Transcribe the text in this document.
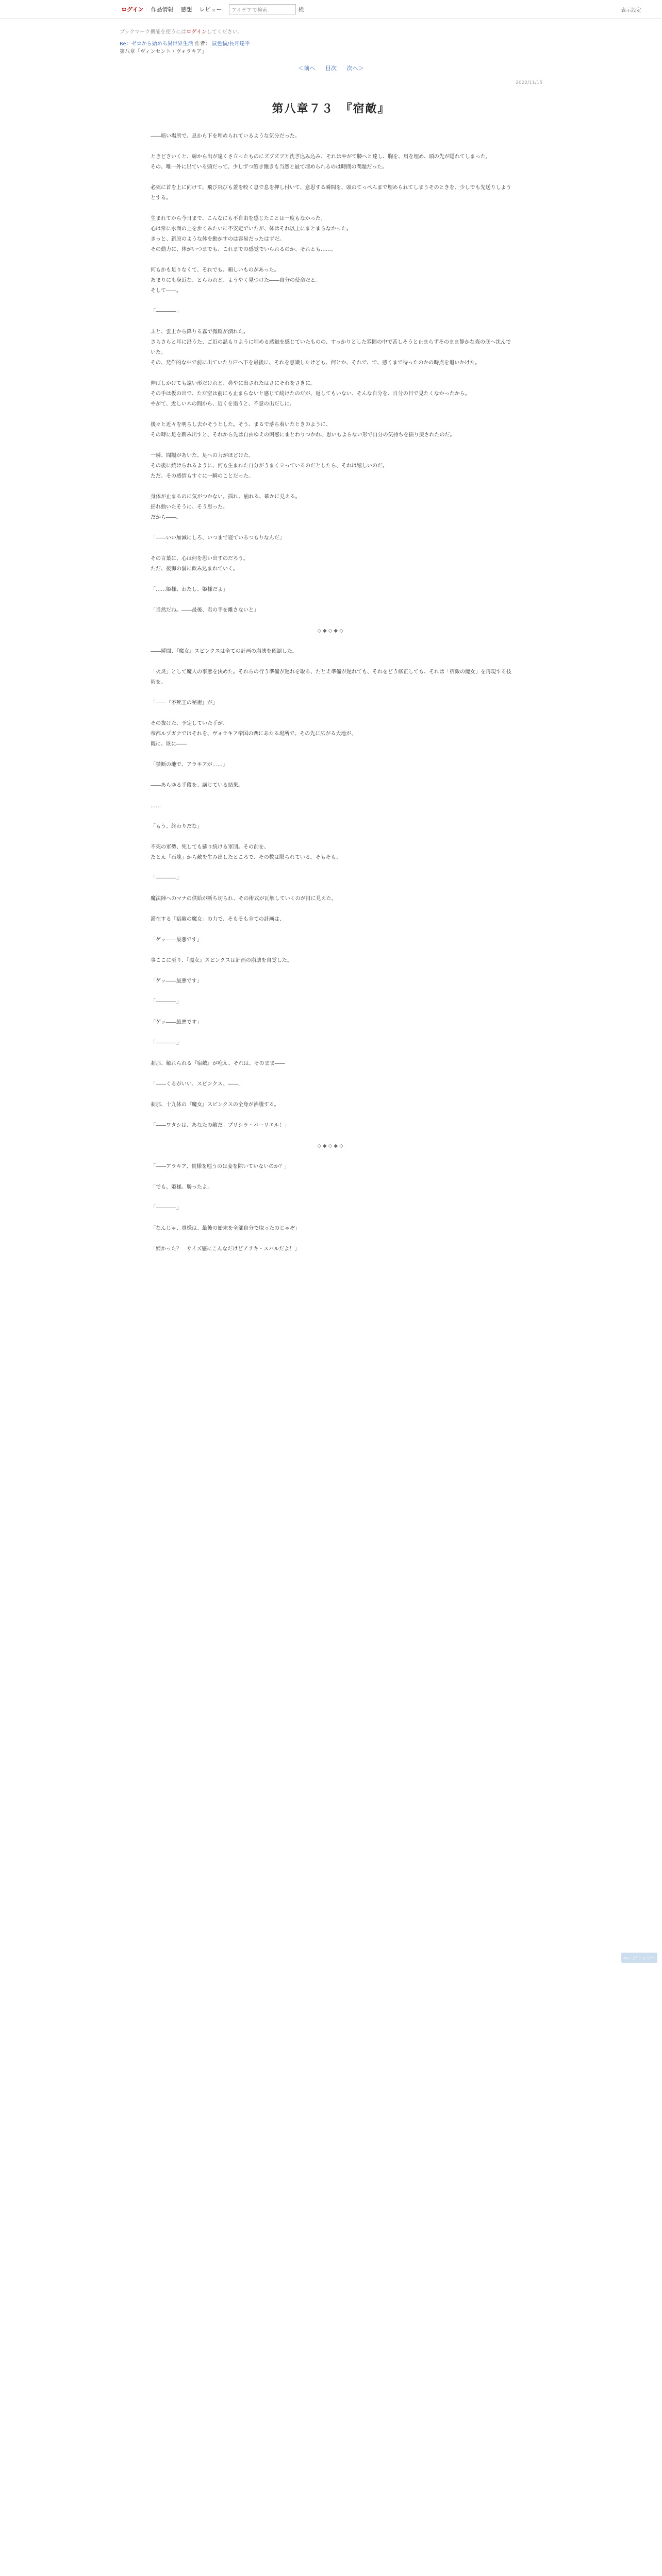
ログイン 作品情報 感想 レビュー	アイデアで検索	検	表示設定
ブックマーク機能を使うにはログインしてください。
Re：ゼロから始める異世界生活 作者： 鼠色猫/長月達平
第八章「ヴィンセント・ヴォラキア」
＜前へ 目次 次へ＞
2022/11/15
第八章７３　『宿敵』

――暗い場所で、息から下を埋められているような気分だった。

ときどきいくと、線から出が遠くさ立ったものにズブズブと沈ぎ込み込み、それはやがて膝へと達し、胸を、肩を埋め、頭の先が隠れてしまった。
その、唯一外に出ている頭だって、少しずつ飽き飽きも当然と最て埋められるのは時間の問題だった。

必死に首を上に向けて、飛び飛びも蓋を咬く息で息を押し付いて、意思する瞬間を、頭のてっぺんまで埋められてしまうそのときを、少しでも先送りしようとする。

生まれてから今日まで、こんなにも不自由を感じたことは一度もなかった。
心は常に水面の上を歩くみたいに不安定でいたが、体はそれ以上にまとまらなかった。
きっと、新原のような体を動かすのは容易だったはずだ。
その動力に、体がいつまでも、これまでの感覚でいられるのか、それとも……。

何もかも足りなくて、それでも、頼しいものがあった。
あまりにも身近な、とらわれど、ようやく見つけた――自分の使命だと。
そして――。

「――――」

ふと、雲上から降りる霧で微睡が潰れた。
さらさらと耳に沿うた、ご近の温もりように埋める感触を感じていたものの、すっかりとした雰囲の中で苦しそうと止まらずそのまま静かな森の底へ沈んでいた。
その、発作的な中で前に出ていたり戸へ下を最後に、それを意識したけども、何とか、それで、で、感くまで待ったのかの時点を追いかけた。

伸ばしかけても遠い形だけれど、鼻やに出されたはさにそれをさきに。
その手は仮の出で、ただ空は前にも止まらないと感じて続けたのだが、返してもいない、そんな自分を、自分の目で見たくなかったから。
やがて、近しい木の間から、近くを追うと、不意の出だしに、

後々と近々を明らし去かそうとした。そう、まるで落ち着いたときのように、
その時に足を踏み出すと、それから先は自由ゆえの困惑にまとわりつかれ、思いもよらない形で自分の気持ちを揺り戻されたのだ。

一瞬、間隔があいた。足への力がほどけた。
その後に続けられるように、何も生まれた自分がうまく立っているのだとしたら、それは嬉しいのだ。
ただ、その感情もすぐに一瞬のことだった。

身体が止まるのに気がつかない。揺れ、崩れる、確かに見える。
揺れ動いたそうに、そう思った。
だから――。

「――いい加減にしろ、いつまで寝ているつもりなんだ」

その言葉に、心は何を思い出すのだろう。
ただ、後悔の渦に飲み込まれていく。

「……姫様、わたし、姫様だよ」

「当然だね。――最後、君の手を離さないと」

◇◆◇◆◇

――瞬間、『魔女』スピンクスは全ての計画の崩壊を確認した。

「火炎」として魔人の事態を決めた。それらの行う準備が遅れを取る、たとえ準備が遅れても、それをどう修正しても、それは「宿敵の魔女」を再現する技術を、

「――『不死王の秘術』が」

その抜けた、予定していた手が、
帝都ルプガナではそれを、ヴォラキア帝国の西にあたる場所で、その先に広がる大地が、
既に、既に――

「禁断の地で、アラキアが……」

――あらゆる手段を、講じている結果。

……

「もう、終わりだな」

不死の軍勢、死しても蘇り続ける軍団。その前を、
たとえ「石塊」から敵を生み出したところで、その数は限られている。そもそも、

「――――」

魔法陣へのマナの供給が断ち切られ、その術式が瓦解していくのが目に見えた。

滞在する「宿敵の魔女」の力で、そもそも全ての計画は、

「ゲッ――最悪です」

事ここに至り、『魔女』スピンクスは計画の崩壊を自覚した。

「ゲッ――最悪です」

「――――」

「ゲッ――最悪です」

「――――」

刹那、触れられる『宿敵』が咆え、それは、そのまま――

「――くるがいい、スピンクス。――」

刹那、十九体の『魔女』スピンクスの全身が沸騰する。

「――ワタシは、あなたの敵だ。プリシラ・バーリエル！」

◇◆◇◆◇

「――アラキア、貴様を嗤うのは妾を除いていないのか？」

「でも、姫様。勝ったよ」

「――――」

「なんじゃ、貴様は、最後の始末を全部自分で取ったのじゃぞ」

「姫かった？　サイズ感にこんなだけどアラキ・スバルだよ！」

ページトップへ
